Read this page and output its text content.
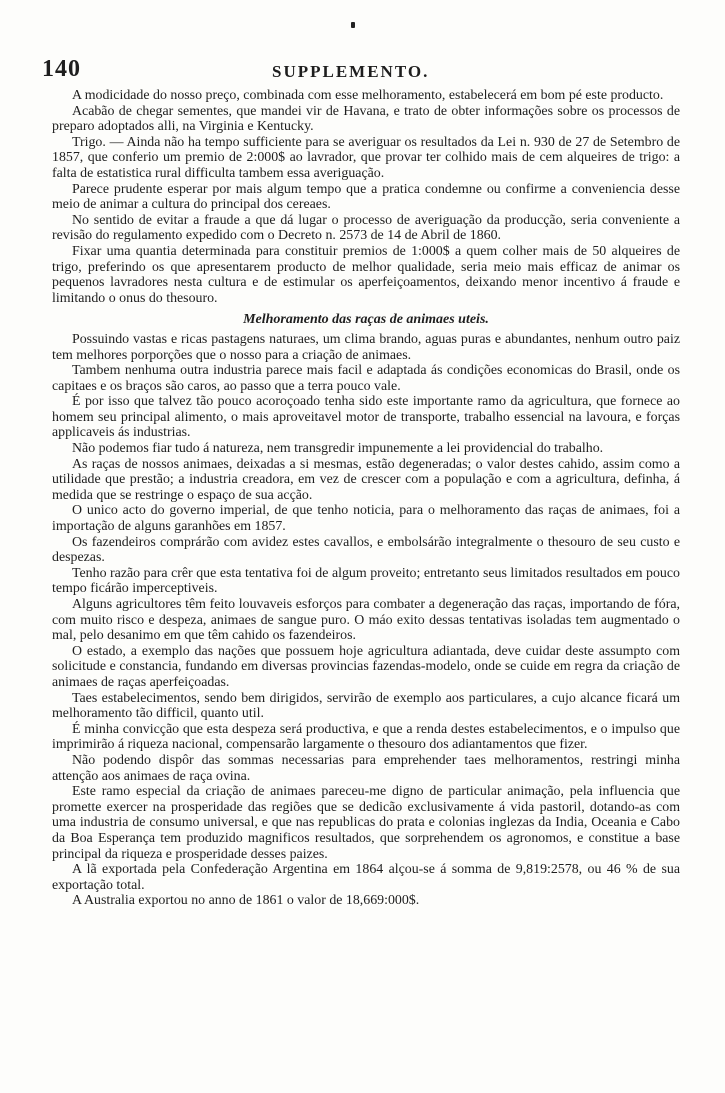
140	SUPPLEMENTO.

A modicidade do nosso preço, combinada com esse melhoramento, estabelecerá em bom pé este producto.

Acabão de chegar sementes, que mandei vir de Havana, e trato de obter informações sobre os processos de preparo adoptados alli, na Virginia e Kentucky.

Trigo. — Ainda não ha tempo sufficiente para se averiguar os resultados da Lei n. 930 de 27 de Setembro de 1857, que conferio um premio de 2:000$ ao lavrador, que provar ter colhido mais de cem alqueires de trigo: a falta de estatistica rural difficulta tambem essa averiguação.

Parece prudente esperar por mais algum tempo que a pratica condemne ou confirme a conveniencia desse meio de animar a cultura do principal dos cereaes.

No sentido de evitar a fraude a que dá lugar o processo de averiguação da producção, seria conveniente a revisão do regulamento expedido com o Decreto n. 2573 de 14 de Abril de 1860.

Fixar uma quantia determinada para constituir premios de 1:000$ a quem colher mais de 50 alqueires de trigo, preferindo os que apresentarem producto de melhor qualidade, seria meio mais efficaz de animar os pequenos lavradores nesta cultura e de estimular os aperfeiçoamentos, deixando menor incentivo á fraude e limitando o onus do thesouro.

Melhoramento das raças de animaes uteis.

Possuindo vastas e ricas pastagens naturaes, um clima brando, aguas puras e abundantes, nenhum outro paiz tem melhores porporções que o nosso para a criação de animaes.

Tambem nenhuma outra industria parece mais facil e adaptada ás condições economicas do Brasil, onde os capitaes e os braços são caros, ao passo que a terra pouco vale.

É por isso que talvez tão pouco acoroçoado tenha sido este importante ramo da agricultura, que fornece ao homem seu principal alimento, o mais aproveitavel motor de transporte, trabalho essencial na lavoura, e forças applicaveis ás industrias.

Não podemos fiar tudo á natureza, nem transgredir impunemente a lei providencial do trabalho.

As raças de nossos animaes, deixadas a si mesmas, estão degeneradas; o valor destes cahido, assim como a utilidade que prestão; a industria creadora, em vez de crescer com a população e com a agricultura, definha, á medida que se restringe o espaço de sua acção.

O unico acto do governo imperial, de que tenho noticia, para o melhoramento das raças de animaes, foi a importação de alguns garanhões em 1857.

Os fazendeiros comprárão com avidez estes cavallos, e embolsárão integralmente o thesouro de seu custo e despezas.

Tenho razão para crêr que esta tentativa foi de algum proveito; entretanto seus limitados resultados em pouco tempo ficárão imperceptiveis.

Alguns agricultores têm feito louvaveis esforços para combater a degeneração das raças, importando de fóra, com muito risco e despeza, animaes de sangue puro. O máo exito dessas tentativas isoladas tem augmentado o mal, pelo desanimo em que têm cahido os fazendeiros.

O estado, a exemplo das nações que possuem hoje agricultura adiantada, deve cuidar deste assumpto com solicitude e constancia, fundando em diversas provincias fazendas-modelo, onde se cuide em regra da criação de animaes de raças aperfeiçoadas.

Taes estabelecimentos, sendo bem dirigidos, servirão de exemplo aos particulares, a cujo alcance ficará um melhoramento tão difficil, quanto util.

É minha convicção que esta despeza será productiva, e que a renda destes estabelecimentos, e o impulso que imprimirão á riqueza nacional, compensarão largamente o thesouro dos adiantamentos que fizer.

Não podendo dispôr das sommas necessarias para emprehender taes melhoramentos, restringi minha attenção aos animaes de raça ovina.

Este ramo especial da criação de animaes pareceu-me digno de particular animação, pela influencia que promette exercer na prosperidade das regiões que se dedicão exclusivamente á vida pastoril, dotando-as com uma industria de consumo universal, e que nas republicas do prata e colonias inglezas da India, Oceania e Cabo da Boa Esperança tem produzido magnificos resultados, que sorprehendem os agronomos, e constitue a base principal da riqueza e prosperidade desses paizes.

A lã exportada pela Confederação Argentina em 1864 alçou-se á somma de 9,819:2578, ou 46 % de sua exportação total.

A Australia exportou no anno de 1861 o valor de 18,669:000$.
